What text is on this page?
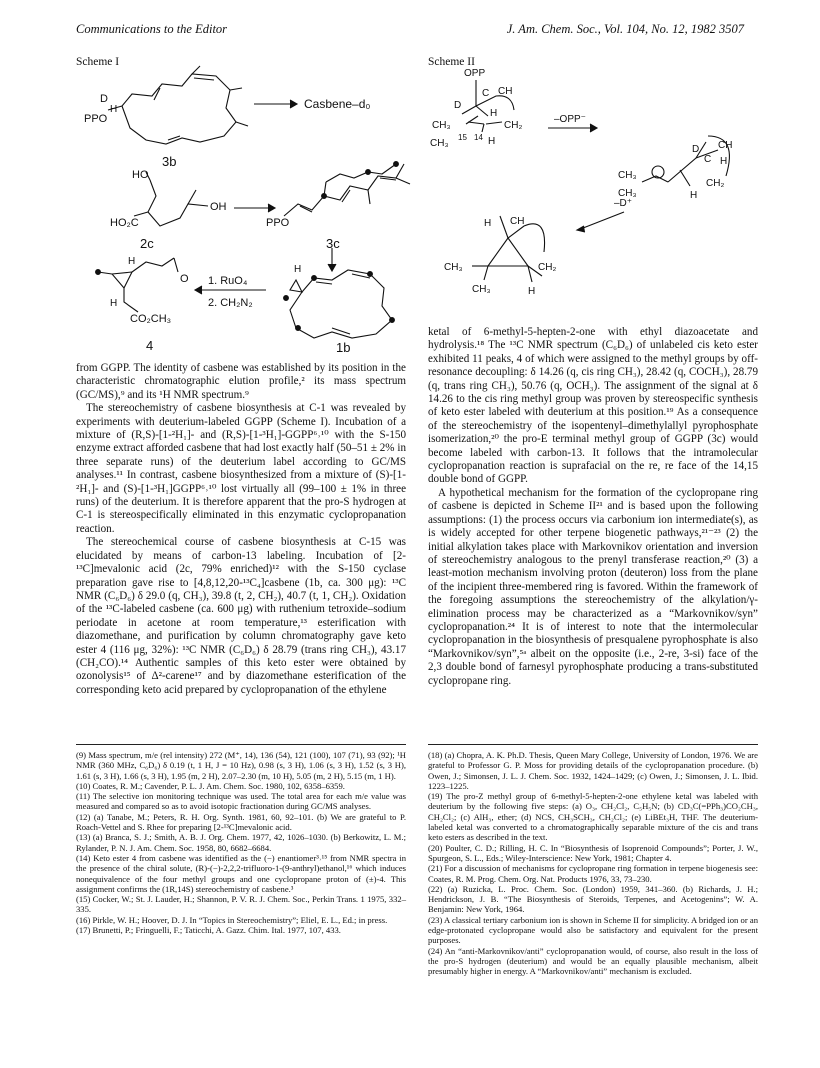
Communications to the Editor	J. Am. Chem. Soc., Vol. 104, No. 12, 1982 3507
Scheme I
D
H
PPO
Casbene–d₀
3b
HO
OH
HO₂C	PPO
2c	3c
H
H
H
O
CO₂CH₃
1. RuO₄
2. CH₂N₂
4	1b
Scheme II
OPP
C CH
D
H
CH₃	CH₂
CH₃
15 14 H
–OPP⁻
D CH
C H
CH₃
CH₂
CH₃	H
–D⁺
H CH
CH₃	CH₂
CH₃	H

from GGPP. The identity of casbene was established by its position in the characteristic chromatographic elution profile,² its mass spectrum (GC/MS),⁹ and its ¹H NMR spectrum.⁹

The stereochemistry of casbene biosynthesis at C-1 was revealed by experiments with deuterium-labeled GGPP (Scheme I). Incubation of a mixture of (R,S)-[1-²H₁]- and (R,S)-[1-³H₁]-GGPP⁶˒¹⁰ with the S-150 enzyme extract afforded casbene that had lost exactly half (50–51 ± 2% in three separate runs) of the deuterium label according to GC/MS analyses.¹¹ In contrast, casbene biosynthesized from a mixture of (S)-[1-²H₁]- and (S)-[1-³H₁]GGPP⁶˒¹⁰ lost virtually all (99–100 ± 1% in three runs) of the deuterium. It is therefore apparent that the pro-S hydrogen at C-1 is stereospecifically eliminated in this enzymatic cyclopropanation reaction.

The stereochemical course of casbene biosynthesis at C-15 was elucidated by means of carbon-13 labeling. Incubation of [2-¹³C]mevalonic acid (2c, 79% enriched)¹² with the S-150 cyclase preparation gave rise to [4,8,12,20-¹³C₄]casbene (1b, ca. 300 μg): ¹³C NMR (C₆D₆) δ 29.0 (q, CH₃), 39.8 (t, 2, CH₂), 40.7 (t, 1, CH₂). Oxidation of the ¹³C-labeled casbene (ca. 600 μg) with ruthenium tetroxide–sodium periodate in acetone at room temperature,¹³ esterification with diazomethane, and purification by column chromatography gave keto ester 4 (116 μg, 32%): ¹³C NMR (C₆D₆) δ 28.79 (trans ring CH₃), 43.17 (CH₂CO).¹⁴ Authentic samples of this keto ester were obtained by ozonolysis¹⁵ of Δ²-carene¹⁷ and by diazomethane esterification of the corresponding keto acid prepared by cyclopropanation of the ethylene

ketal of 6-methyl-5-hepten-2-one with ethyl diazoacetate and hydrolysis.¹⁸ The ¹³C NMR spectrum (C₆D₆) of unlabeled cis keto ester exhibited 11 peaks, 4 of which were assigned to the methyl groups by off-resonance decoupling: δ 14.26 (q, cis ring CH₃), 28.42 (q, COCH₃), 28.79 (q, trans ring CH₃), 50.76 (q, OCH₃). The assignment of the signal at δ 14.26 to the cis ring methyl group was proven by stereospecific synthesis of keto ester labeled with deuterium at this position.¹⁹ As a consequence of the stereochemistry of the isopentenyl–dimethylallyl pyrophosphate isomerization,²⁰ the pro-E terminal methyl group of GGPP (3c) would become labeled with carbon-13. It follows that the intramolecular cyclopropanation reaction is suprafacial on the re, re face of the 14,15 double bond of GGPP.

A hypothetical mechanism for the formation of the cyclopropane ring of casbene is depicted in Scheme II²¹ and is based upon the following assumptions: (1) the process occurs via carbonium ion intermediate(s), as is widely accepted for other terpene biogenetic pathways,²¹⁻²³ (2) the initial alkylation takes place with Markovnikov orientation and inversion of stereochemistry analogous to the prenyl transferase reaction,²⁰ (3) a least-motion mechanism involving proton (deuteron) loss from the plane of the incipient three-membered ring is favored. Within the framework of the foregoing assumptions the stereochemistry of the alkylation/γ-elimination process may be characterized as a “Markovnikov/syn” cyclopropanation.²⁴ It is of interest to note that the intermolecular cyclopropanation in the biosynthesis of presqualene pyrophosphate is also “Markovnikov/syn”,⁵ᵃ albeit on the opposite (i.e., 2-re, 3-si) face of the 2,3 double bond of farnesyl pyrophosphate producing a trans-substituted cyclopropane ring.

(9) Mass spectrum, m/e (rel intensity) 272 (M⁺, 14), 136 (54), 121 (100), 107 (71), 93 (92); ¹H NMR (360 MHz, C₆D₆) δ 0.19 (t, 1 H, J = 10 Hz), 0.98 (s, 3 H), 1.06 (s, 3 H), 1.52 (s, 3 H), 1.61 (s, 3 H), 1.66 (s, 3 H), 1.95 (m, 2 H), 2.07–2.30 (m, 10 H), 5.05 (m, 2 H), 5.15 (m, 1 H).

(10) Coates, R. M.; Cavender, P. L. J. Am. Chem. Soc. 1980, 102, 6358–6359.

(11) The selective ion monitoring technique was used. The total area for each m/e value was measured and compared so as to avoid isotopic fractionation during GC/MS analyses.

(12) (a) Tanabe, M.; Peters, R. H. Org. Synth. 1981, 60, 92–101. (b) We are grateful to P. Roach-Vettel and S. Rhee for preparing [2-¹³C]mevalonic acid.

(13) (a) Branca, S. J.; Smith, A. B. J. Org. Chem. 1977, 42, 1026–1030. (b) Berkowitz, L. M.; Rylander, P. N. J. Am. Chem. Soc. 1958, 80, 6682–6684.

(14) Keto ester 4 from casbene was identified as the (−) enantiomer³˒¹⁵ from NMR spectra in the presence of the chiral solute, (R)-(−)-2,2,2-trifluoro-1-(9-anthryl)ethanol,¹⁶ which induces nonequivalence of the four methyl groups and one cyclopropane proton of (±)-4. This assignment confirms the (1R,14S) stereochemistry of casbene.³

(15) Cocker, W.; St. J. Lauder, H.; Shannon, P. V. R. J. Chem. Soc., Perkin Trans. 1 1975, 332–335.

(16) Pirkle, W. H.; Hoover, D. J. In “Topics in Stereochemistry”; Eliel, E. L., Ed.; in press.

(17) Brunetti, P.; Fringuelli, F.; Taticchi, A. Gazz. Chim. Ital. 1977, 107, 433.

(18) (a) Chopra, A. K. Ph.D. Thesis, Queen Mary College, University of London, 1976. We are grateful to Professor G. P. Moss for providing details of the cyclopropanation procedure. (b) Owen, J.; Simonsen, J. L. J. Chem. Soc. 1932, 1424–1429; (c) Owen, J.; Simonsen, J. L. Ibid. 1223–1225.

(19) The pro-Z methyl group of 6-methyl-5-hepten-2-one ethylene ketal was labeled with deuterium by the following five steps: (a) O₃, CH₂Cl₂, C₅H₅N; (b) CD₃C(=PPh₃)CO₂CH₃, CH₂Cl₂; (c) AlH₃, ether; (d) NCS, CH₃SCH₃, CH₂Cl₂; (e) LiBEt₃H, THF. The deuterium-labeled ketal was converted to a chromatographically separable mixture of the cis and trans keto esters as described in the text.

(20) Poulter, C. D.; Rilling, H. C. In “Biosynthesis of Isoprenoid Compounds”; Porter, J. W., Spurgeon, S. L., Eds.; Wiley-Interscience: New York, 1981; Chapter 4.

(21) For a discussion of mechanisms for cyclopropane ring formation in terpene biogenesis see: Coates, R. M. Prog. Chem. Org. Nat. Products 1976, 33, 73–230.

(22) (a) Ruzicka, L. Proc. Chem. Soc. (London) 1959, 341–360. (b) Richards, J. H.; Hendrickson, J. B. “The Biosynthesis of Steroids, Terpenes, and Acetogenins”; W. A. Benjamin: New York, 1964.

(23) A classical tertiary carbonium ion is shown in Scheme II for simplicity. A bridged ion or an edge-protonated cyclopropane would also be satisfactory and equivalent for the present purposes.

(24) An “anti-Markovnikov/anti” cyclopropanation would, of course, also result in the loss of the pro-S hydrogen (deuterium) and would be an equally plausible mechanism, albeit presumably higher in energy. A “Markovnikov/anti” mechanism is excluded.
